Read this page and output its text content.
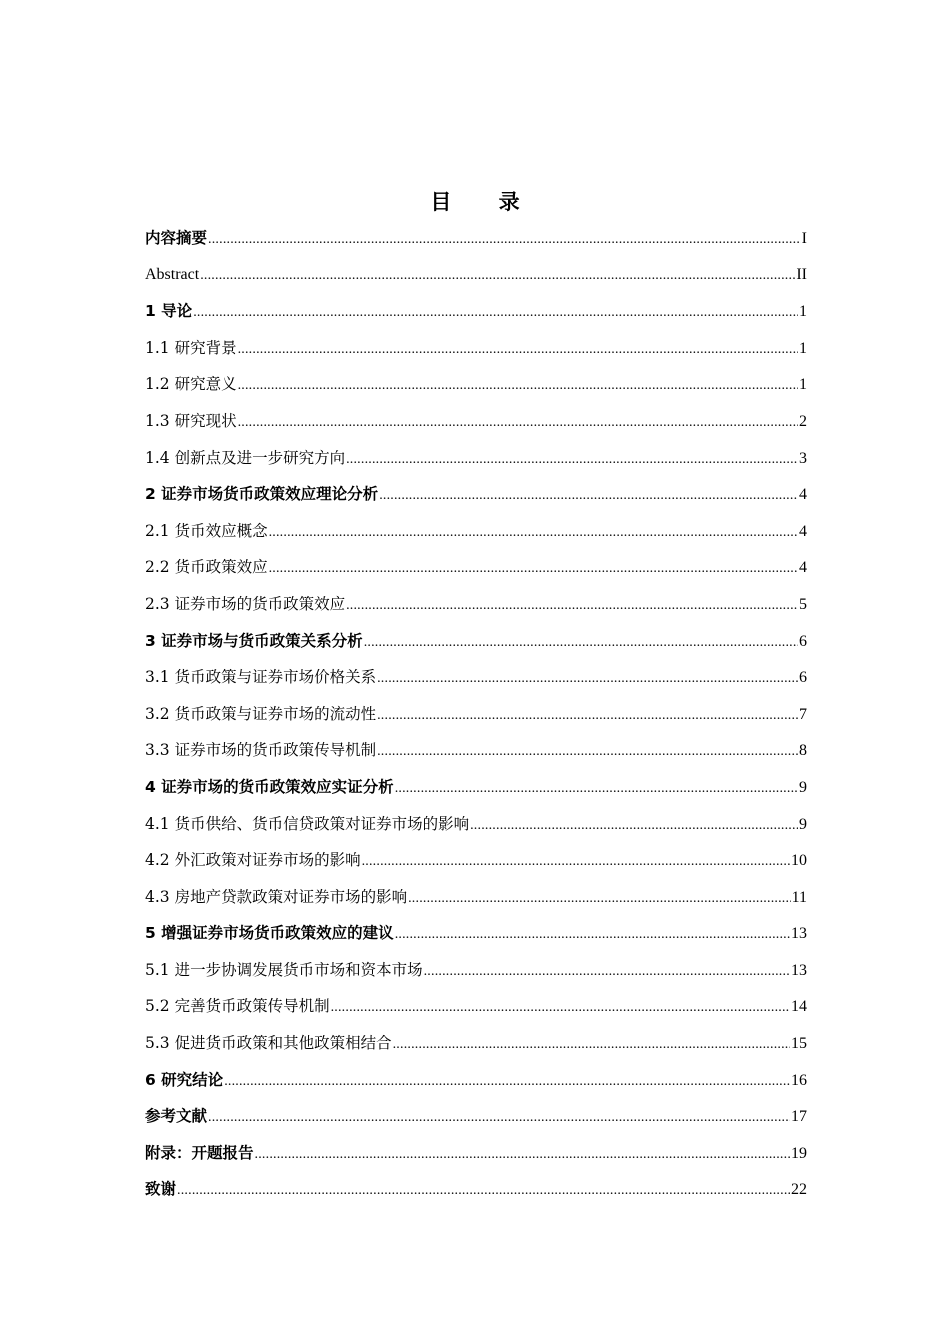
目 录
内容摘要 .....	I
Abstract .....	II
1 导论 .....	1
1.1 研究背景 .....	1
1.2 研究意义 .....	1
1.3 研究现状 .....	2
1.4 创新点及进一步研究方向 .....	3
2 证券市场货币政策效应理论分析 .....	4
2.1 货币效应概念 .....	4
2.2 货币政策效应 .....	4
2.3 证券市场的货币政策效应 .....	5
3 证券市场与货币政策关系分析 .....	6
3.1 货币政策与证券市场价格关系 .....	6
3.2 货币政策与证券市场的流动性 .....	7
3.3 证券市场的货币政策传导机制 .....	8
4 证券市场的货币政策效应实证分析 .....	9
4.1 货币供给、货币信贷政策对证券市场的影响 .....	9
4.2 外汇政策对证券市场的影响 .....	10
4.3 房地产贷款政策对证券市场的影响 .....	11
5 增强证券市场货币政策效应的建议 .....	13
5.1 进一步协调发展货币市场和资本市场 .....	13
5.2 完善货币政策传导机制 .....	14
5.3 促进货币政策和其他政策相结合 .....	15
6 研究结论 .....	16
参考文献 .....	17
附录：开题报告 .....	19
致谢 .....	22
